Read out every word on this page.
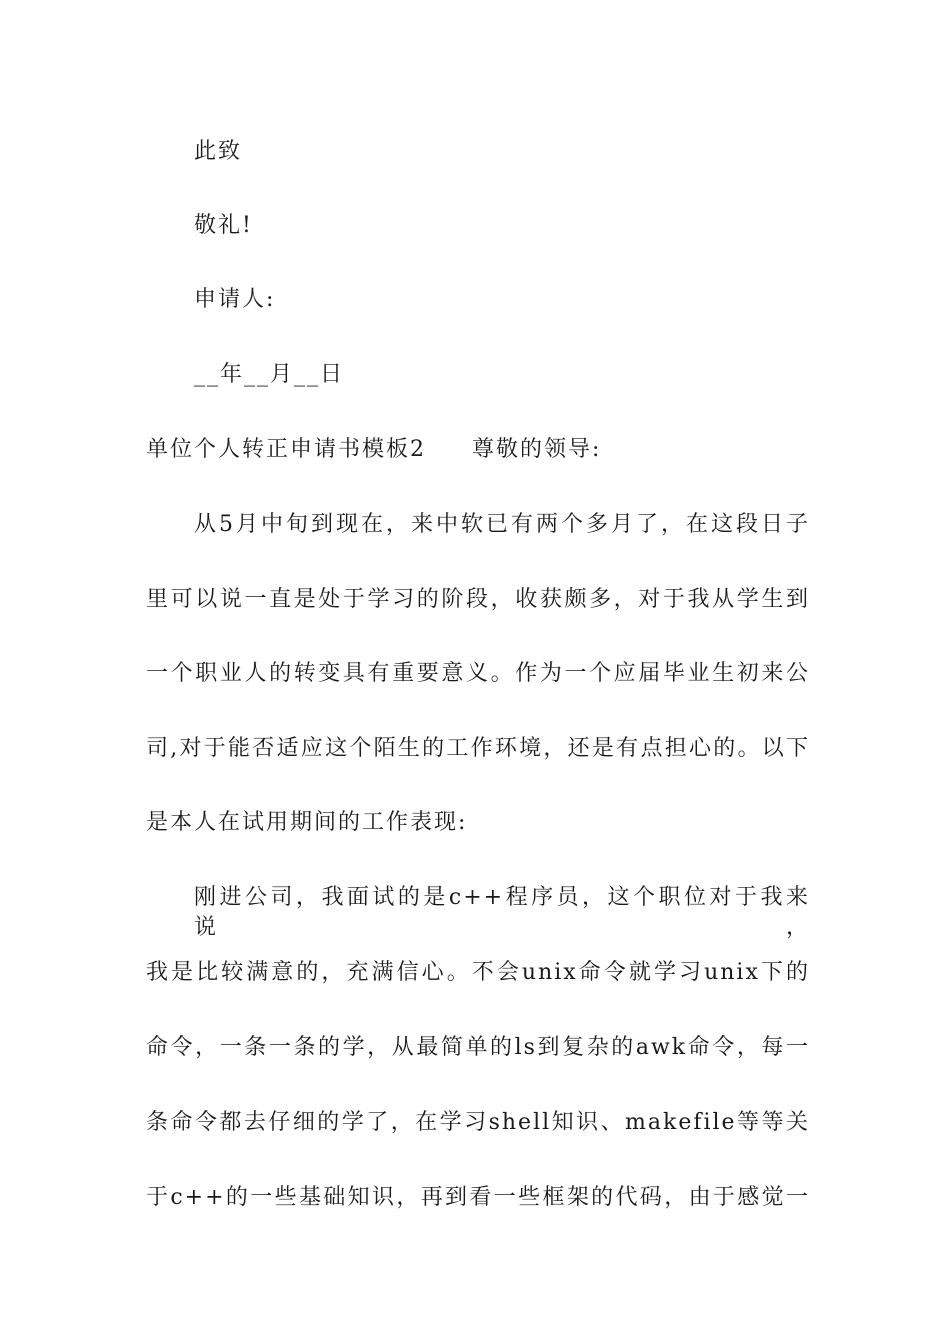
此致
敬礼!
申请人:
__年__月__日
单位个人转正申请书模板2 尊敬的领导:
从5月中旬到现在，来中软已有两个多月了，在这段日子
里可以说一直是处于学习的阶段，收获颇多，对于我从学生到
一个职业人的转变具有重要意义。作为一个应届毕业生初来公
司,对于能否适应这个陌生的工作环境，还是有点担心的。以下
是本人在试用期间的工作表现:
刚进公司，我面试的是c++程序员，这个职位对于我来说，
我是比较满意的，充满信心。不会unix命令就学习unix下的
命令，一条一条的学，从最简单的ls到复杂的awk命令，每一
条命令都去仔细的学了，在学习shell知识、makefile等等关
于c++的一些基础知识，再到看一些框架的代码，由于感觉一
